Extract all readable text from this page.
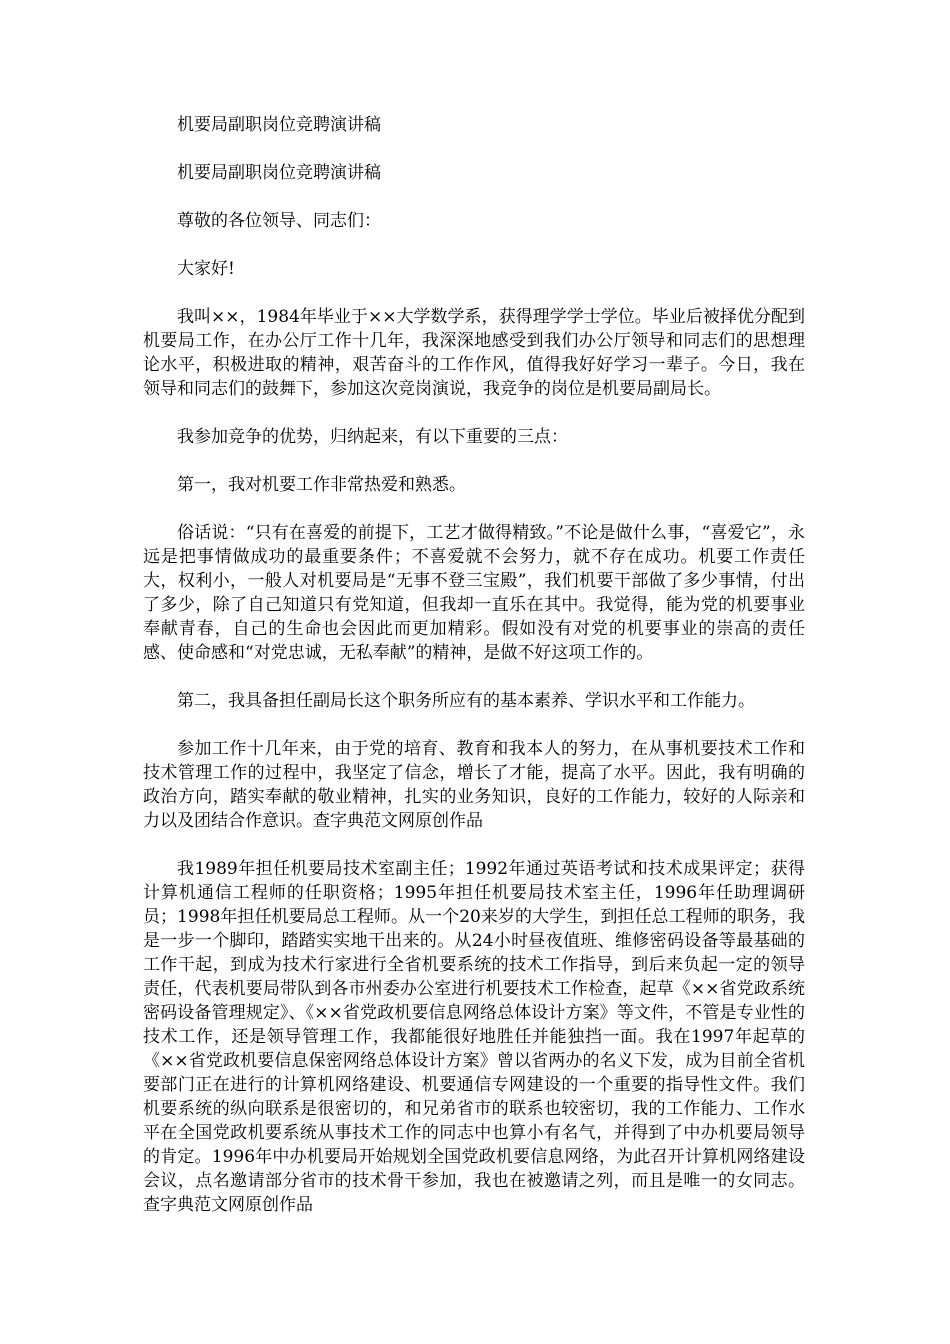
机要局副职岗位竞聘演讲稿

机要局副职岗位竞聘演讲稿

尊敬的各位领导、同志们：

大家好!

我叫××，1984年毕业于××大学数学系，获得理学学士学位。毕业后被择优分配到机要局工作，在办公厅工作十几年，我深深地感受到我们办公厅领导和同志们的思想理论水平，积极进取的精神，艰苦奋斗的工作作风，值得我好好学习一辈子。今日，我在领导和同志们的鼓舞下，参加这次竞岗演说，我竞争的岗位是机要局副局长。

我参加竞争的优势，归纳起来，有以下重要的三点：

第一，我对机要工作非常热爱和熟悉。

俗话说：“只有在喜爱的前提下，工艺才做得精致。”不论是做什么事，“喜爱它”，永远是把事情做成功的最重要条件；不喜爱就不会努力，就不存在成功。机要工作责任大，权利小，一般人对机要局是“无事不登三宝殿”，我们机要干部做了多少事情，付出了多少，除了自己知道只有党知道，但我却一直乐在其中。我觉得，能为党的机要事业奉献青春，自己的生命也会因此而更加精彩。假如没有对党的机要事业的崇高的责任感、使命感和“对党忠诚，无私奉献”的精神，是做不好这项工作的。

第二，我具备担任副局长这个职务所应有的基本素养、学识水平和工作能力。

参加工作十几年来，由于党的培育、教育和我本人的努力，在从事机要技术工作和技术管理工作的过程中，我坚定了信念，增长了才能，提高了水平。因此，我有明确的政治方向，踏实奉献的敬业精神，扎实的业务知识，良好的工作能力，较好的人际亲和力以及团结合作意识。查字典范文网原创作品

我1989年担任机要局技术室副主任；1992年通过英语考试和技术成果评定；获得计算机通信工程师的任职资格；1995年担任机要局技术室主任，1996年任助理调研员；1998年担任机要局总工程师。从一个20来岁的大学生，到担任总工程师的职务，我是一步一个脚印，踏踏实实地干出来的。从24小时昼夜值班、维修密码设备等最基础的工作干起，到成为技术行家进行全省机要系统的技术工作指导，到后来负起一定的领导责任，代表机要局带队到各市州委办公室进行机要技术工作检查，起草《××省党政系统密码设备管理规定》、《××省党政机要信息网络总体设计方案》等文件，不管是专业性的技术工作，还是领导管理工作，我都能很好地胜任并能独挡一面。我在1997年起草的《××省党政机要信息保密网络总体设计方案》曾以省两办的名义下发，成为目前全省机要部门正在进行的计算机网络建设、机要通信专网建设的一个重要的指导性文件。我们机要系统的纵向联系是很密切的，和兄弟省市的联系也较密切，我的工作能力、工作水平在全国党政机要系统从事技术工作的同志中也算小有名气，并得到了中办机要局领导的肯定。1996年中办机要局开始规划全国党政机要信息网络，为此召开计算机网络建设会议，点名邀请部分省市的技术骨干参加，我也在被邀请之列，而且是唯一的女同志。查字典范文网原创作品
